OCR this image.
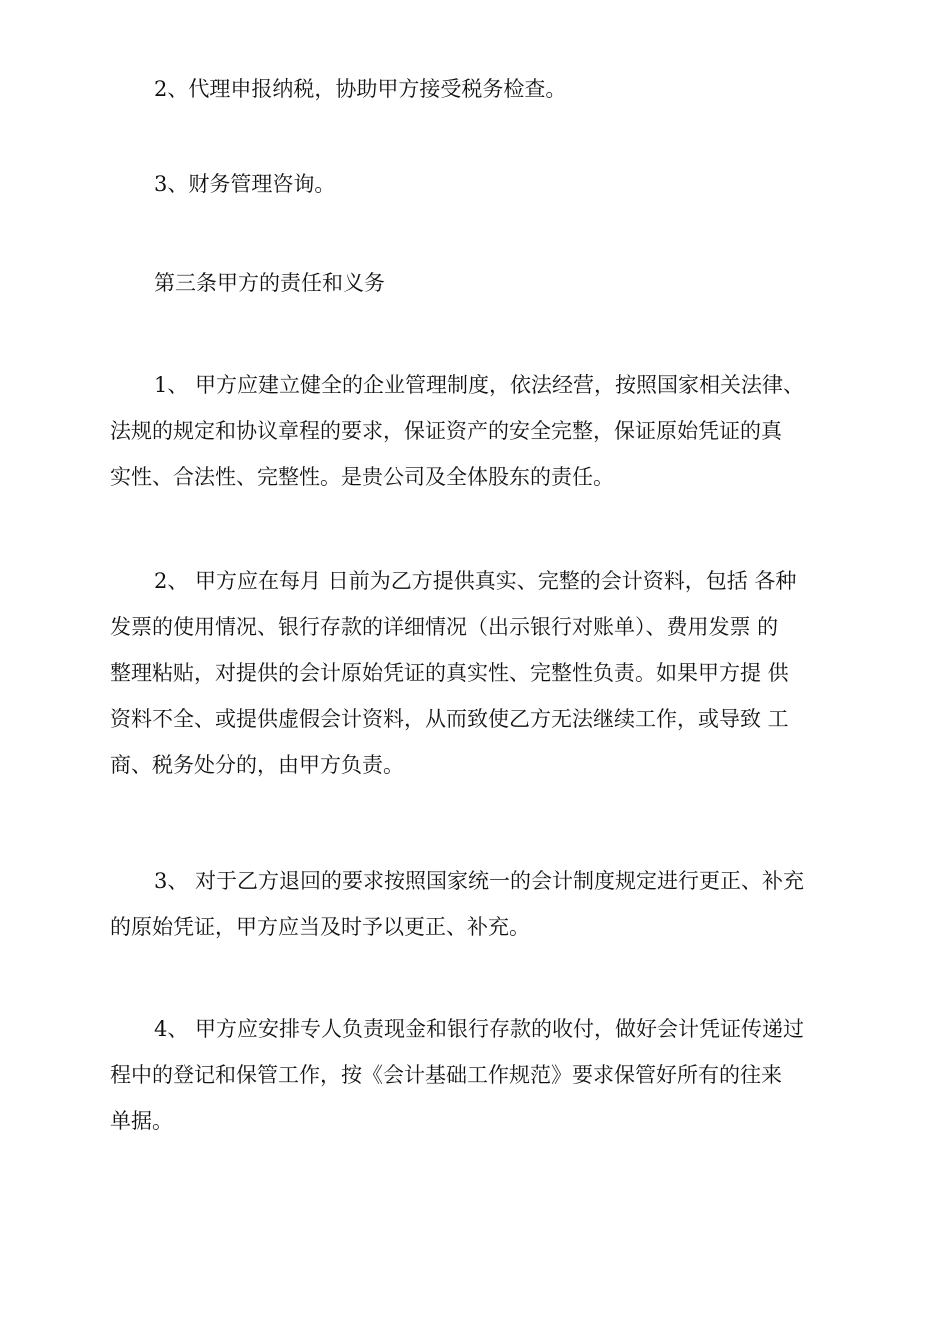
2、代理申报纳税，协助甲方接受税务检查。

3、财务管理咨询。

第三条甲方的责任和义务

1、 甲方应建立健全的企业管理制度，依法经营，按照国家相关法律、
法规的规定和协议章程的要求，保证资产的安全完整，保证原始凭证的真
实性、合法性、完整性。是贵公司及全体股东的责任。

2、 甲方应在每月 日前为乙方提供真实、完整的会计资料，包括 各种
发票的使用情况、银行存款的详细情况（出示银行对账单）、费用发票 的
整理粘贴，对提供的会计原始凭证的真实性、完整性负责。如果甲方提 供
资料不全、或提供虚假会计资料，从而致使乙方无法继续工作，或导致 工
商、税务处分的，由甲方负责。

3、 对于乙方退回的要求按照国家统一的会计制度规定进行更正、补充
的原始凭证，甲方应当及时予以更正、补充。

4、 甲方应安排专人负责现金和银行存款的收付，做好会计凭证传递过
程中的登记和保管工作，按《会计基础工作规范》要求保管好所有的往来
单据。
